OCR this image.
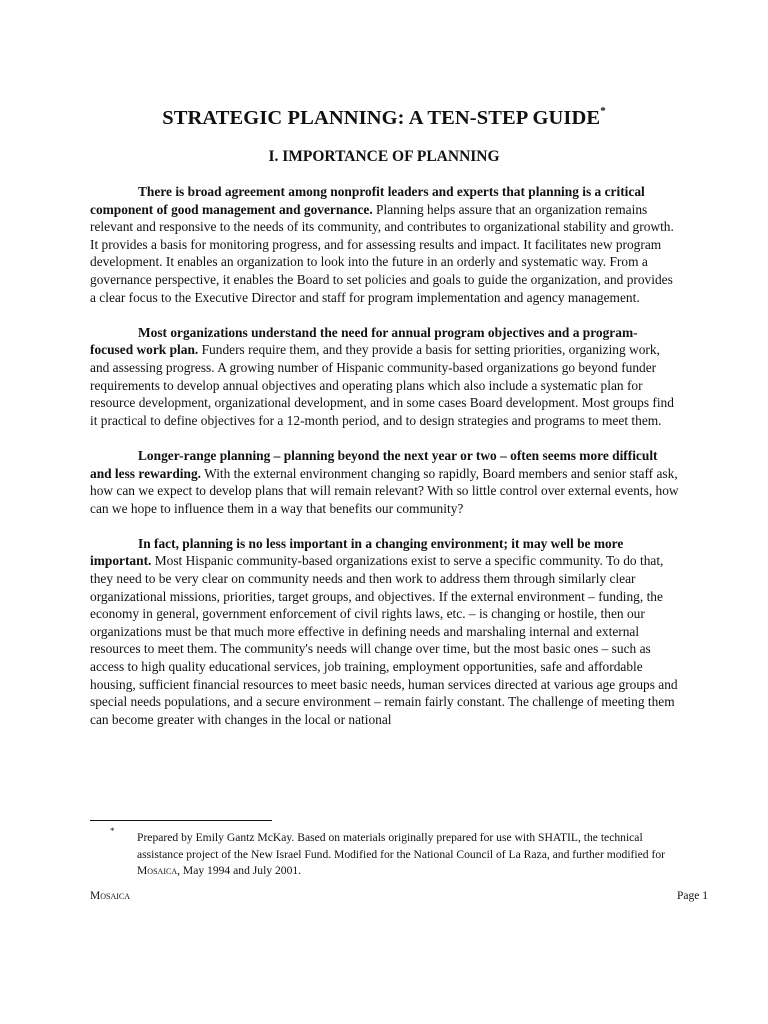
STRATEGIC PLANNING: A TEN-STEP GUIDE*
I. IMPORTANCE OF PLANNING

There is broad agreement among nonprofit leaders and experts that planning is a critical component of good management and governance. Planning helps assure that an organization remains relevant and responsive to the needs of its community, and contributes to organizational stability and growth. It provides a basis for monitoring progress, and for assessing results and impact. It facilitates new program development. It enables an organization to look into the future in an orderly and systematic way. From a governance perspective, it enables the Board to set policies and goals to guide the organization, and provides a clear focus to the Executive Director and staff for program implementation and agency management.

Most organizations understand the need for annual program objectives and a program-focused work plan. Funders require them, and they provide a basis for setting priorities, organizing work, and assessing progress. A growing number of Hispanic community-based organizations go beyond funder requirements to develop annual objectives and operating plans which also include a systematic plan for resource development, organizational development, and in some cases Board development. Most groups find it practical to define objectives for a 12-month period, and to design strategies and programs to meet them.

Longer-range planning – planning beyond the next year or two – often seems more difficult and less rewarding. With the external environment changing so rapidly, Board members and senior staff ask, how can we expect to develop plans that will remain relevant? With so little control over external events, how can we hope to influence them in a way that benefits our community?

In fact, planning is no less important in a changing environment; it may well be more important. Most Hispanic community-based organizations exist to serve a specific community. To do that, they need to be very clear on community needs and then work to address them through similarly clear organizational missions, priorities, target groups, and objectives. If the external environment – funding, the economy in general, government enforcement of civil rights laws, etc. – is changing or hostile, then our organizations must be that much more effective in defining needs and marshaling internal and external resources to meet them. The community's needs will change over time, but the most basic ones – such as access to high quality educational services, job training, employment opportunities, safe and affordable housing, sufficient financial resources to meet basic needs, human services directed at various age groups and special needs populations, and a secure environment – remain fairly constant. The challenge of meeting them can become greater with changes in the local or national

* Prepared by Emily Gantz McKay. Based on materials originally prepared for use with SHATIL, the technical assistance project of the New Israel Fund. Modified for the National Council of La Raza, and further modified for Mosaica, May 1994 and July 2001.
Mosaica	Page 1
